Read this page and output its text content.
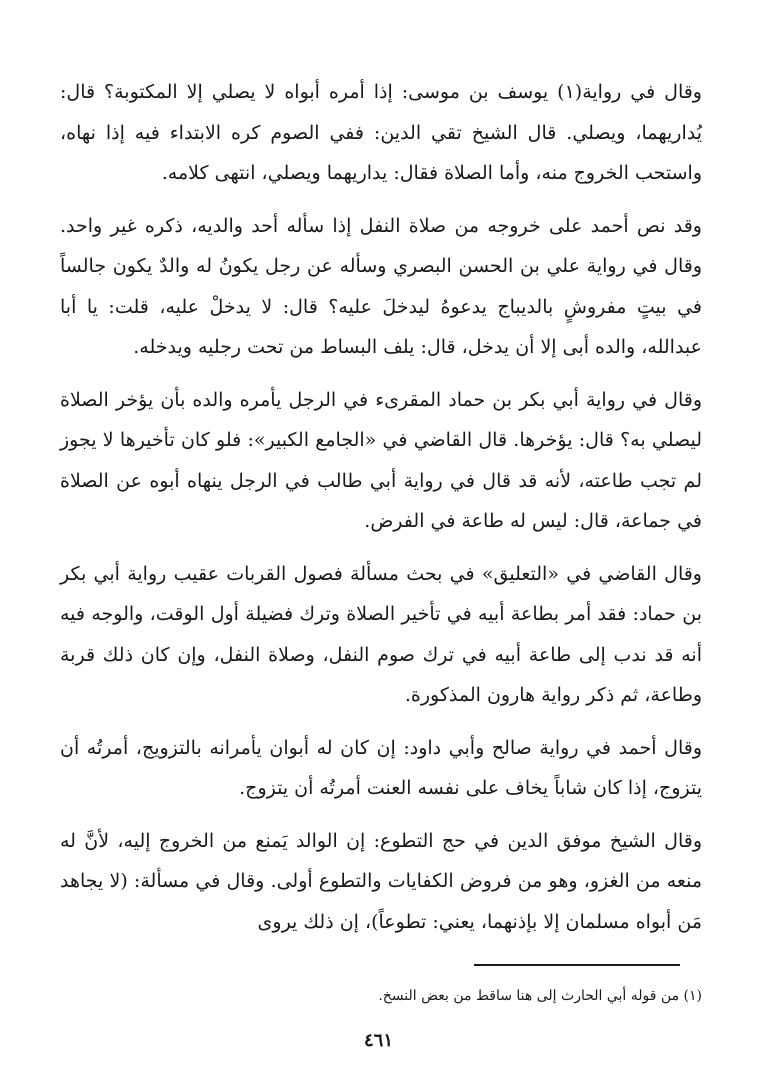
وقال في رواية(١) يوسف بن موسى: إذا أمره أبواه لا يصلي إلا المكتوبة؟ قال: يُداريهما، ويصلي. قال الشيخ تقي الدين: ففي الصوم كره الابتداء فيه إذا نهاه، واستحب الخروج منه، وأما الصلاة فقال: يداريهما ويصلي، انتهى كلامه.

وقد نص أحمد على خروجه من صلاة النفل إذا سأله أحد والديه، ذكره غير واحد. وقال في رواية علي بن الحسن البصري وسأله عن رجل يكونُ له والدٌ يكون جالساً في بيتٍ مفروشٍ بالديباج يدعوهُ ليدخلَ عليه؟ قال: لا يدخلْ عليه، قلت: يا أبا عبدالله، والده أبى إلا أن يدخل، قال: يلف البساط من تحت رجليه ويدخله.

وقال في رواية أبي بكر بن حماد المقرىء في الرجل يأمره والده بأن يؤخر الصلاة ليصلي به؟ قال: يؤخرها. قال القاضي في «الجامع الكبير»: فلو كان تأخيرها لا يجوز لم تجب طاعته، لأنه قد قال في رواية أبي طالب في الرجل ينهاه أبوه عن الصلاة في جماعة، قال: ليس له طاعة في الفرض.

وقال القاضي في «التعليق» في بحث مسألة فصول القربات عقيب رواية أبي بكر بن حماد: فقد أمر بطاعة أبيه في تأخير الصلاة وترك فضيلة أول الوقت، والوجه فيه أنه قد ندب إلى طاعة أبيه في ترك صوم النفل، وصلاة النفل، وإن كان ذلك قربة وطاعة، ثم ذكر رواية هارون المذكورة.

وقال أحمد في رواية صالح وأبي داود: إن كان له أبوان يأمرانه بالتزويج، أمرتُه أن يتزوج، إذا كان شاباً يخاف على نفسه العنت أمرتُه أن يتزوج.

وقال الشيخ موفق الدين في حج التطوع: إن الوالد يَمنع من الخروج إليه، لأنَّ له منعه من الغزو، وهو من فروض الكفايات والتطوع أولى. وقال في مسألة: (لا يجاهد مَن أبواه مسلمان إلا بإذنهما، يعني: تطوعاً)، إن ذلك يروى

(١) من قوله أبي الحارث إلى هنا ساقط من بعض النسخ.
٤٦١
